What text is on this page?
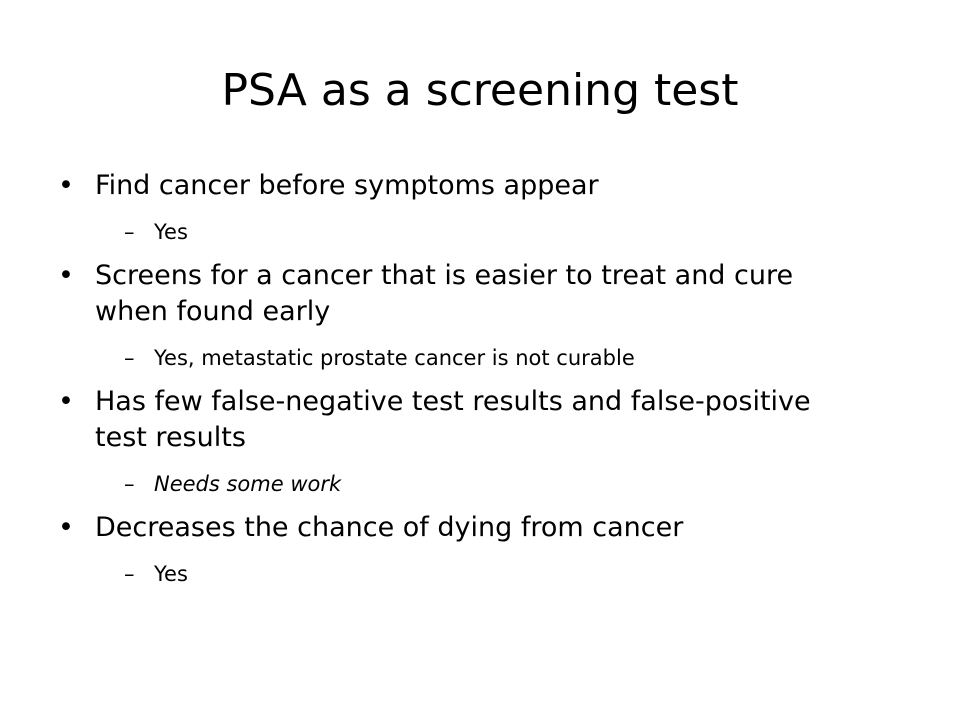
PSA as a screening test
• Find cancer before symptoms appear
– Yes
• Screens for a cancer that is easier to treat and cure when found early
– Yes, metastatic prostate cancer is not curable
• Has few false-negative test results and false-positive test results
– Needs some work
• Decreases the chance of dying from cancer
– Yes
